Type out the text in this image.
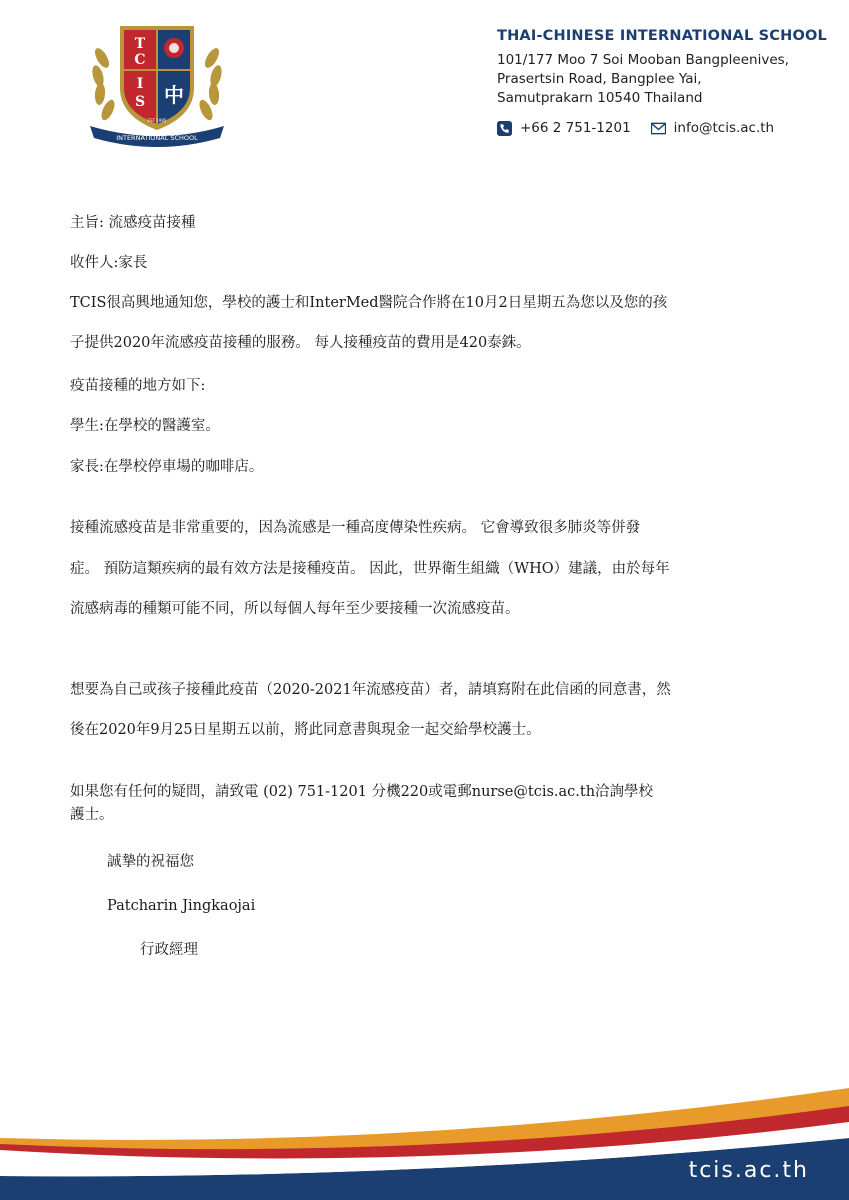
T
C
I
S 中
INTERNATIONAL SCHOOL
EST 1995
THAI-CHINESE INTERNATIONAL SCHOOL
101/177 Moo 7 Soi Mooban Bangpleenives,
Prasertsin Road, Bangplee Yai,
Samutprakarn 10540 Thailand
+66 2 751-1201	info@tcis.ac.th
主旨: 流感疫苗接種
收件人:家長
TCIS很高興地通知您，學校的護士和InterMed醫院合作將在10月2日星期五為您以及您的孩
子提供2020年流感疫苗接種的服務。 每人接種疫苗的費用是420泰銖。
疫苗接種的地方如下:
學生:在學校的醫護室。
家長:在學校停車場的咖啡店。
接種流感疫苗是非常重要的，因為流感是一種高度傳染性疾病。 它會導致很多肺炎等併發
症。 預防這類疾病的最有效方法是接種疫苗。 因此，世界衛生組織（WHO）建議，由於每年
流感病毒的種類可能不同，所以每個人每年至少要接種一次流感疫苗。
想要為自己或孩子接種此疫苗（2020-2021年流感疫苗）者，請填寫附在此信函的同意書，然
後在2020年9月25日星期五以前，將此同意書與現金一起交給學校護士。
如果您有任何的疑問，請致電 (02) 751-1201 分機220或電郵nurse@tcis.ac.th洽詢學校
護士。
誠摯的祝福您
Patcharin Jingkaojai
行政經理
tcis.ac.th
